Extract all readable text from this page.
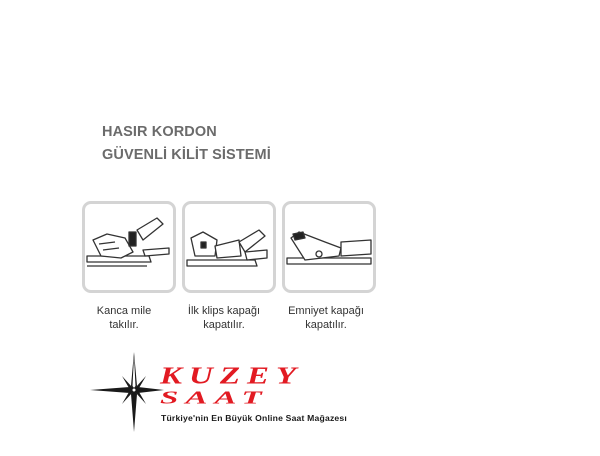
HASIR KORDON
GÜVENLİ KİLİT SİSTEMİ
Kanca mile
takılır.
İlk klips kapağı
kapatılır.
Emniyet kapağı
kapatılır.
KUZEY
SAAT
Türkiye'nin En Büyük Online Saat Mağazesı
